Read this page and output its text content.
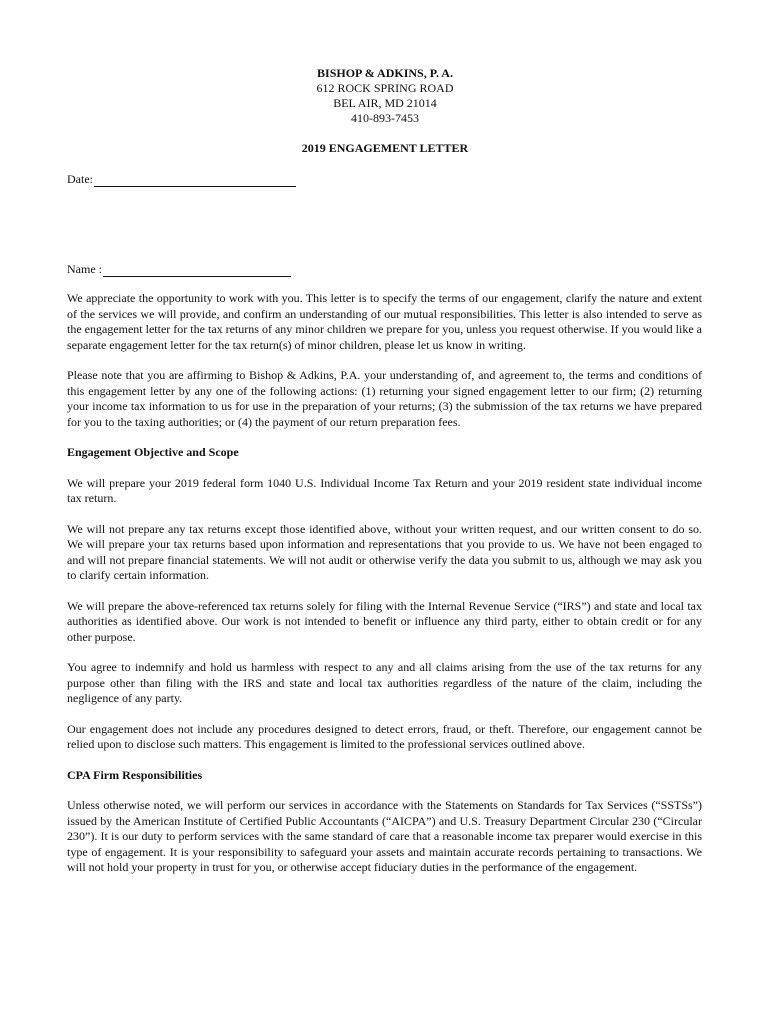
BISHOP & ADKINS, P. A.
612 ROCK SPRING ROAD
BEL AIR, MD 21014
410-893-7453
2019 ENGAGEMENT LETTER
Date:
Name :

We appreciate the opportunity to work with you. This letter is to specify the terms of our engagement, clarify the nature and extent of the services we will provide, and confirm an understanding of our mutual responsibilities. This letter is also intended to serve as the engagement letter for the tax returns of any minor children we prepare for you, unless you request otherwise. If you would like a separate engagement letter for the tax return(s) of minor children, please let us know in writing.

Please note that you are affirming to Bishop & Adkins, P.A. your understanding of, and agreement to, the terms and conditions of this engagement letter by any one of the following actions: (1) returning your signed engagement letter to our firm; (2) returning your income tax information to us for use in the preparation of your returns; (3) the submission of the tax returns we have prepared for you to the taxing authorities; or (4) the payment of our return preparation fees.

Engagement Objective and Scope

We will prepare your 2019 federal form 1040 U.S. Individual Income Tax Return and your 2019 resident state individual income tax return.

We will not prepare any tax returns except those identified above, without your written request, and our written consent to do so. We will prepare your tax returns based upon information and representations that you provide to us. We have not been engaged to and will not prepare financial statements. We will not audit or otherwise verify the data you submit to us, although we may ask you to clarify certain information.

We will prepare the above-referenced tax returns solely for filing with the Internal Revenue Service (“IRS”) and state and local tax authorities as identified above. Our work is not intended to benefit or influence any third party, either to obtain credit or for any other purpose.

You agree to indemnify and hold us harmless with respect to any and all claims arising from the use of the tax returns for any purpose other than filing with the IRS and state and local tax authorities regardless of the nature of the claim, including the negligence of any party.

Our engagement does not include any procedures designed to detect errors, fraud, or theft. Therefore, our engagement cannot be relied upon to disclose such matters. This engagement is limited to the professional services outlined above.

CPA Firm Responsibilities

Unless otherwise noted, we will perform our services in accordance with the Statements on Standards for Tax Services (“SSTSs”) issued by the American Institute of Certified Public Accountants (“AICPA”) and U.S. Treasury Department Circular 230 (“Circular 230”). It is our duty to perform services with the same standard of care that a reasonable income tax preparer would exercise in this type of engagement. It is your responsibility to safeguard your assets and maintain accurate records pertaining to transactions. We will not hold your property in trust for you, or otherwise accept fiduciary duties in the performance of the engagement.
